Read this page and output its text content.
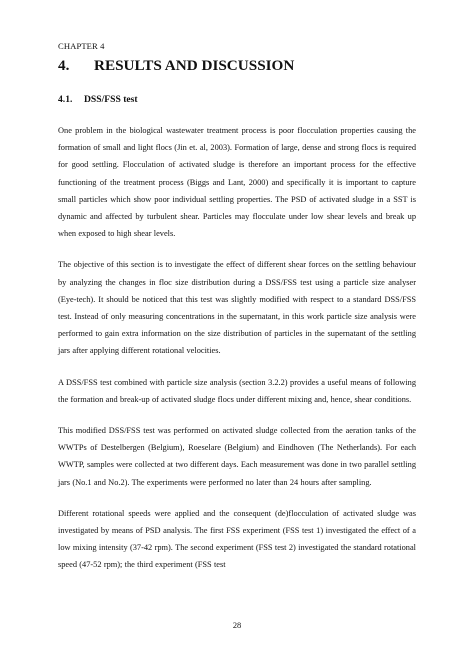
CHAPTER 4
4. RESULTS AND DISCUSSION
4.1. DSS/FSS test

One problem in the biological wastewater treatment process is poor flocculation properties causing the formation of small and light flocs (Jin et. al, 2003). Formation of large, dense and strong flocs is required for good settling. Flocculation of activated sludge is therefore an important process for the effective functioning of the treatment process (Biggs and Lant, 2000) and specifically it is important to capture small particles which show poor individual settling properties. The PSD of activated sludge in a SST is dynamic and affected by turbulent shear. Particles may flocculate under low shear levels and break up when exposed to high shear levels.

The objective of this section is to investigate the effect of different shear forces on the settling behaviour by analyzing the changes in floc size distribution during a DSS/FSS test using a particle size analyser (Eye-tech). It should be noticed that this test was slightly modified with respect to a standard DSS/FSS test. Instead of only measuring concentrations in the supernatant, in this work particle size analysis were performed to gain extra information on the size distribution of particles in the supernatant of the settling jars after applying different rotational velocities.

A DSS/FSS test combined with particle size analysis (section 3.2.2) provides a useful means of following the formation and break-up of activated sludge flocs under different mixing and, hence, shear conditions.

This modified DSS/FSS test was performed on activated sludge collected from the aeration tanks of the WWTPs of Destelbergen (Belgium), Roeselare (Belgium) and Eindhoven (The Netherlands). For each WWTP, samples were collected at two different days. Each measurement was done in two parallel settling jars (No.1 and No.2). The experiments were performed no later than 24 hours after sampling.

Different rotational speeds were applied and the consequent (de)flocculation of activated sludge was investigated by means of PSD analysis. The first FSS experiment (FSS test 1) investigated the effect of a low mixing intensity (37-42 rpm). The second experiment (FSS test 2) investigated the standard rotational speed (47-52 rpm); the third experiment (FSS test

28
